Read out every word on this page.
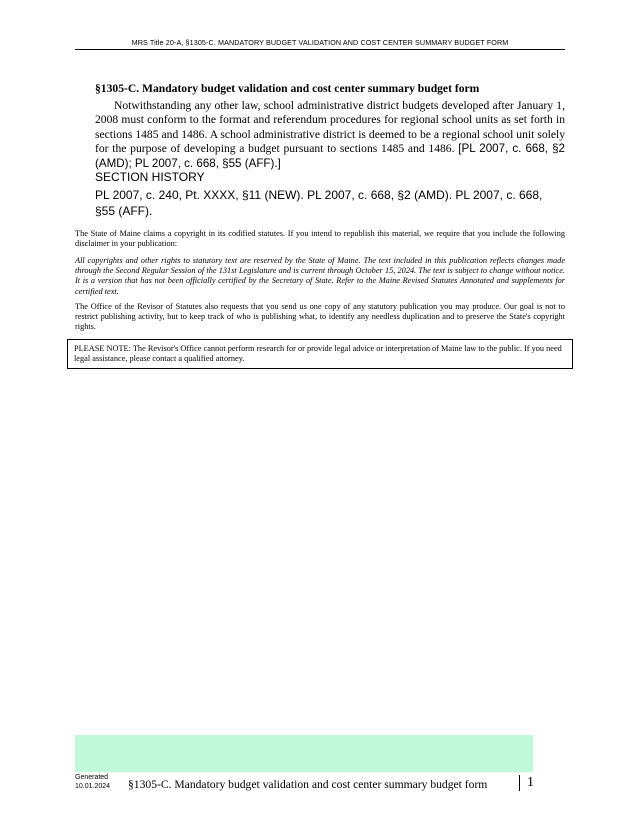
MRS Title 20-A, §1305-C. MANDATORY BUDGET VALIDATION AND COST CENTER SUMMARY BUDGET FORM
§1305-C. Mandatory budget validation and cost center summary budget form
Notwithstanding any other law, school administrative district budgets developed after January 1, 2008 must conform to the format and referendum procedures for regional school units as set forth in sections 1485 and 1486. A school administrative district is deemed to be a regional school unit solely for the purpose of developing a budget pursuant to sections 1485 and 1486. [PL 2007, c. 668, §2 (AMD); PL 2007, c. 668, §55 (AFF).]
SECTION HISTORY
PL 2007, c. 240, Pt. XXXX, §11 (NEW). PL 2007, c. 668, §2 (AMD). PL 2007, c. 668, §55 (AFF).
The State of Maine claims a copyright in its codified statutes. If you intend to republish this material, we require that you include the following disclaimer in your publication:
All copyrights and other rights to statutory text are reserved by the State of Maine. The text included in this publication reflects changes made through the Second Regular Session of the 131st Legislature and is current through October 15, 2024. The text is subject to change without notice. It is a version that has not been officially certified by the Secretary of State. Refer to the Maine Revised Statutes Annotated and supplements for certified text.
The Office of the Revisor of Statutes also requests that you send us one copy of any statutory publication you may produce. Our goal is not to restrict publishing activity, but to keep track of who is publishing what, to identify any needless duplication and to preserve the State's copyright rights.
PLEASE NOTE: The Revisor's Office cannot perform research for or provide legal advice or interpretation of Maine law to the public. If you need legal assistance, please contact a qualified attorney.
Generated
10.01.2024 §1305-C. Mandatory budget validation and cost center summary budget form	1
